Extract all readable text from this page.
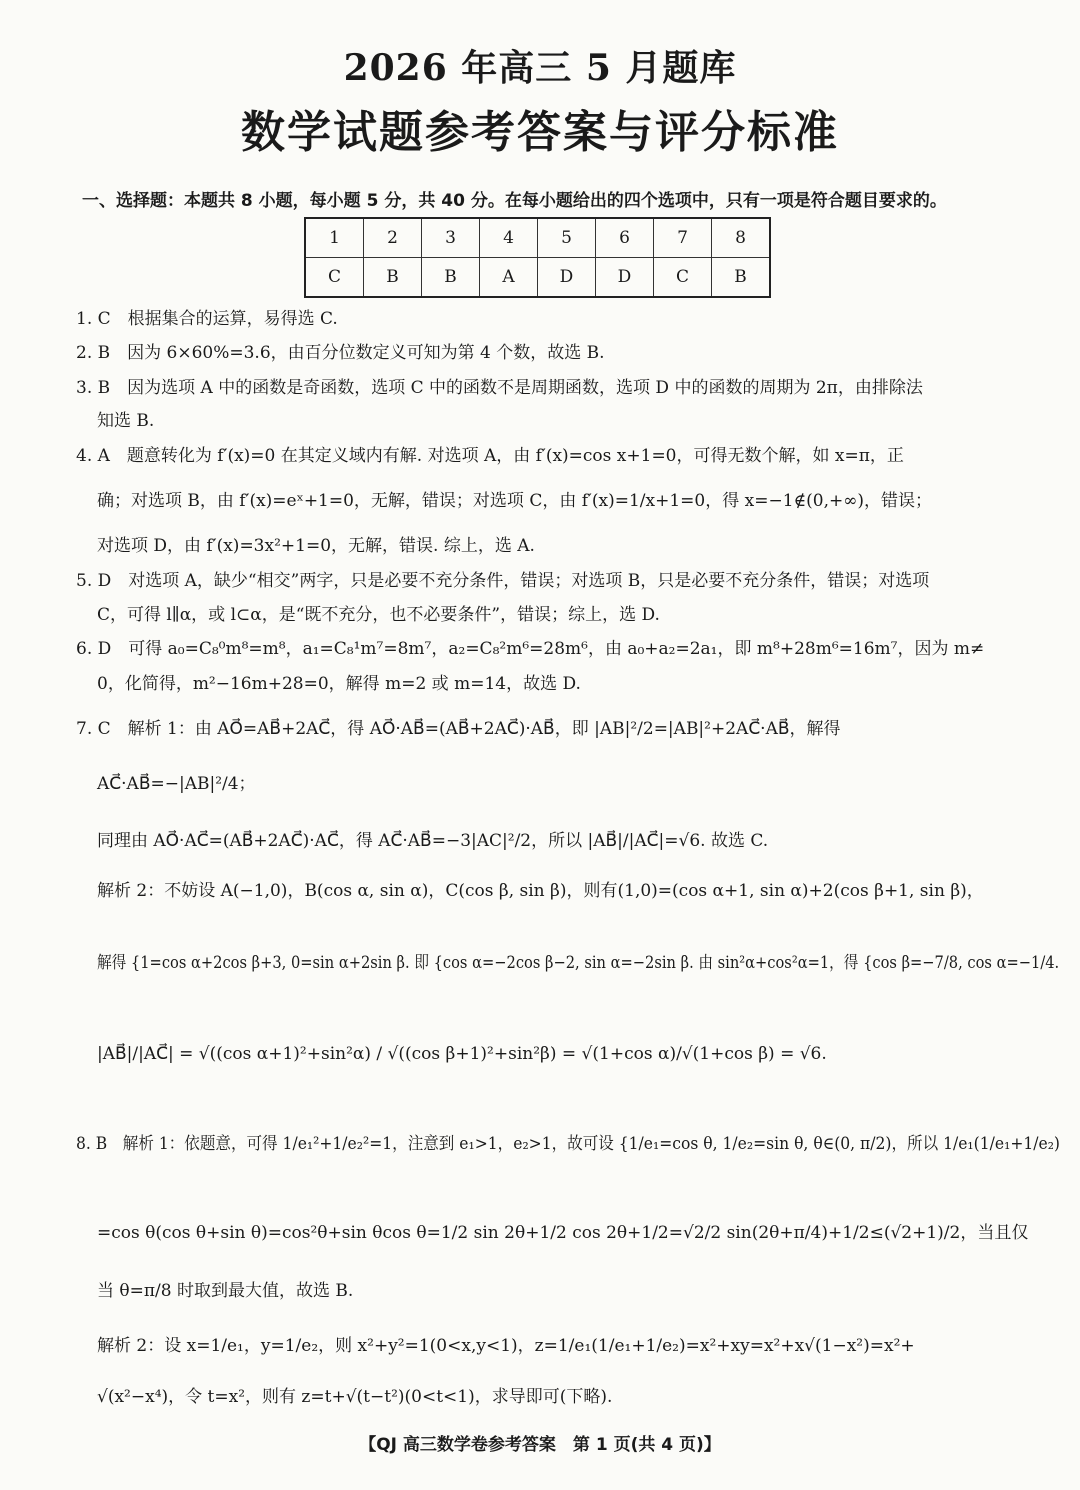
2026 年高三 5 月题库
数学试题参考答案与评分标准
一、选择题：本题共 8 小题，每小题 5 分，共 40 分。在每小题给出的四个选项中，只有一项是符合题目要求的。
1	2	3	4	5	6	7	8
C	B	B	A	D	D	C	B
1. C　根据集合的运算，易得选 C.
2. B　因为 6×60%=3.6，由百分位数定义可知为第 4 个数，故选 B.
3. B　因为选项 A 中的函数是奇函数，选项 C 中的函数不是周期函数，选项 D 中的函数的周期为 2π，由排除法
知选 B.
4. A　题意转化为 f′(x)=0 在其定义域内有解. 对选项 A，由 f′(x)=cos x+1=0，可得无数个解，如 x=π，正
确；对选项 B，由 f′(x)=eˣ+1=0，无解，错误；对选项 C，由 f′(x)=1/x+1=0，得 x=−1∉(0,+∞)，错误；
对选项 D，由 f′(x)=3x²+1=0，无解，错误. 综上，选 A.
5. D　对选项 A，缺少“相交”两字，只是必要不充分条件，错误；对选项 B，只是必要不充分条件，错误；对选项
C，可得 l∥α，或 l⊂α，是“既不充分，也不必要条件”，错误；综上，选 D.
6. D　可得 a₀=C₈⁰m⁸=m⁸，a₁=C₈¹m⁷=8m⁷，a₂=C₈²m⁶=28m⁶，由 a₀+a₂=2a₁，即 m⁸+28m⁶=16m⁷，因为 m≠
0，化简得，m²−16m+28=0，解得 m=2 或 m=14，故选 D.
7. C　解析 1：由 AO⃗=AB⃗+2AC⃗，得 AO⃗·AB⃗=(AB⃗+2AC⃗)·AB⃗，即 |AB|²/2=|AB|²+2AC⃗·AB⃗，解得
AC⃗·AB⃗=−|AB|²/4；
同理由 AO⃗·AC⃗=(AB⃗+2AC⃗)·AC⃗，得 AC⃗·AB⃗=−3|AC|²/2，所以 |AB⃗|/|AC⃗|=√6. 故选 C.
解析 2：不妨设 A(−1,0)，B(cos α, sin α)，C(cos β, sin β)，则有(1,0)=(cos α+1, sin α)+2(cos β+1, sin β)，
解得 {1=cos α+2cos β+3, 0=sin α+2sin β. 即 {cos α=−2cos β−2, sin α=−2sin β. 由 sin²α+cos²α=1，得 {cos β=−7/8, cos α=−1/4.
|AB⃗|/|AC⃗| = √((cos α+1)²+sin²α) / √((cos β+1)²+sin²β) = √(1+cos α)/√(1+cos β) = √6.
8. B　解析 1：依题意，可得 1/e₁²+1/e₂²=1，注意到 e₁>1，e₂>1，故可设 {1/e₁=cos θ, 1/e₂=sin θ, θ∈(0, π/2)，所以 1/e₁(1/e₁+1/e₂)
=cos θ(cos θ+sin θ)=cos²θ+sin θcos θ=1/2 sin 2θ+1/2 cos 2θ+1/2=√2/2 sin(2θ+π/4)+1/2≤(√2+1)/2，当且仅
当 θ=π/8 时取到最大值，故选 B.
解析 2：设 x=1/e₁，y=1/e₂，则 x²+y²=1(0<x,y<1)，z=1/e₁(1/e₁+1/e₂)=x²+xy=x²+x√(1−x²)=x²+
√(x²−x⁴)，令 t=x²，则有 z=t+√(t−t²)(0<t<1)，求导即可(下略).
【QJ 高三数学卷参考答案　第 1 页(共 4 页)】
